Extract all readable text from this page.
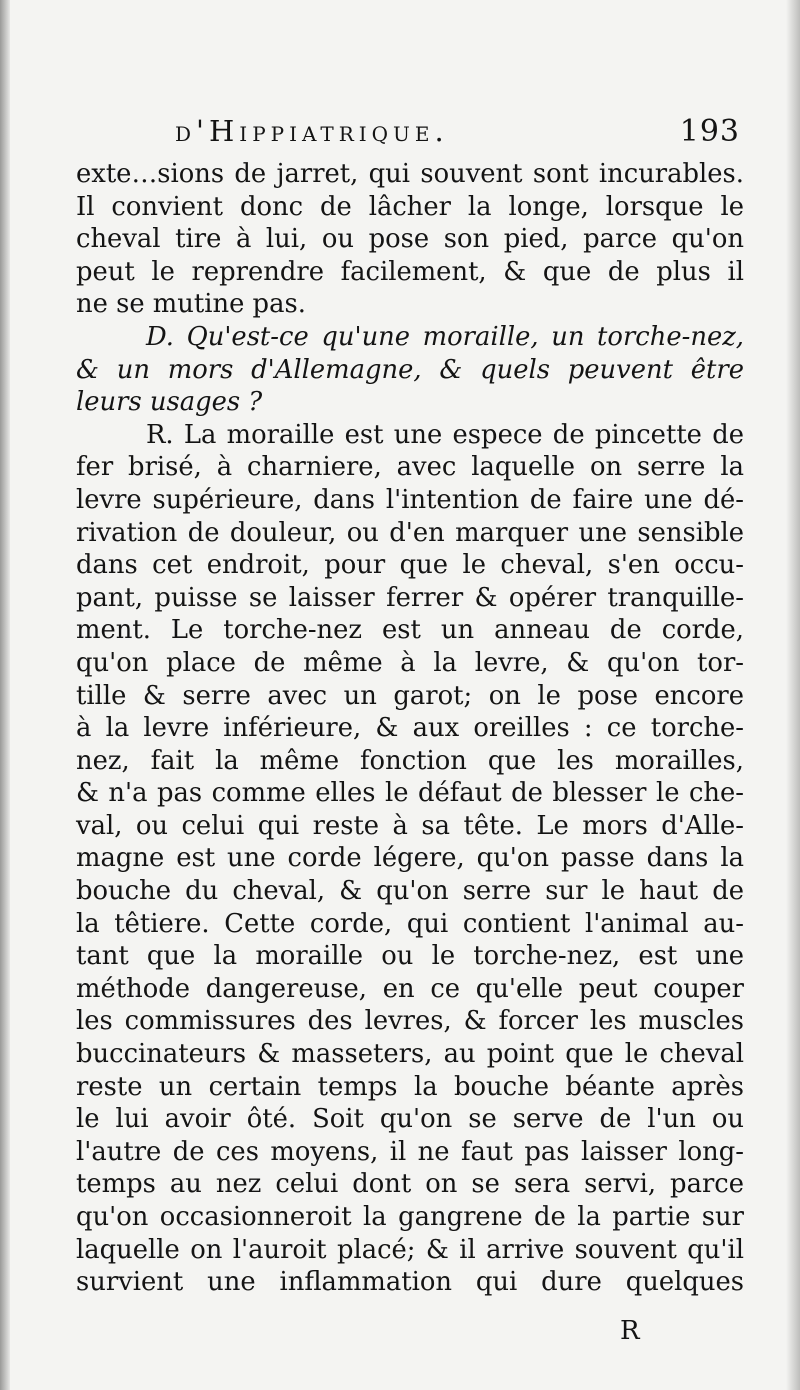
d'Hippiatrique.	193
exte…sions de jarret, qui souvent sont incurables.
Il convient donc de lâcher la longe, lorsque le
cheval tire à lui, ou pose son pied, parce qu'on
peut le reprendre facilement, & que de plus il
ne se mutine pas.
D. Qu'est-ce qu'une moraille, un torche-nez,
& un mors d'Allemagne, & quels peuvent être
leurs usages ?
R. La moraille est une espece de pincette de
fer brisé, à charniere, avec laquelle on serre la
levre supérieure, dans l'intention de faire une dé-
rivation de douleur, ou d'en marquer une sensible
dans cet endroit, pour que le cheval, s'en occu-
pant, puisse se laisser ferrer & opérer tranquille-
ment. Le torche-nez est un anneau de corde,
qu'on place de même à la levre, & qu'on tor-
tille & serre avec un garot; on le pose encore
à la levre inférieure, & aux oreilles : ce torche-
nez, fait la même fonction que les morailles,
& n'a pas comme elles le défaut de blesser le che-
val, ou celui qui reste à sa tête. Le mors d'Alle-
magne est une corde légere, qu'on passe dans la
bouche du cheval, & qu'on serre sur le haut de
la têtiere. Cette corde, qui contient l'animal au-
tant que la moraille ou le torche-nez, est une
méthode dangereuse, en ce qu'elle peut couper
les commissures des levres, & forcer les muscles
buccinateurs & masseters, au point que le cheval
reste un certain temps la bouche béante après
le lui avoir ôté. Soit qu'on se serve de l'un ou
l'autre de ces moyens, il ne faut pas laisser long-
temps au nez celui dont on se sera servi, parce
qu'on occasionneroit la gangrene de la partie sur
laquelle on l'auroit placé; & il arrive souvent qu'il
survient une inflammation qui dure quelques
R
